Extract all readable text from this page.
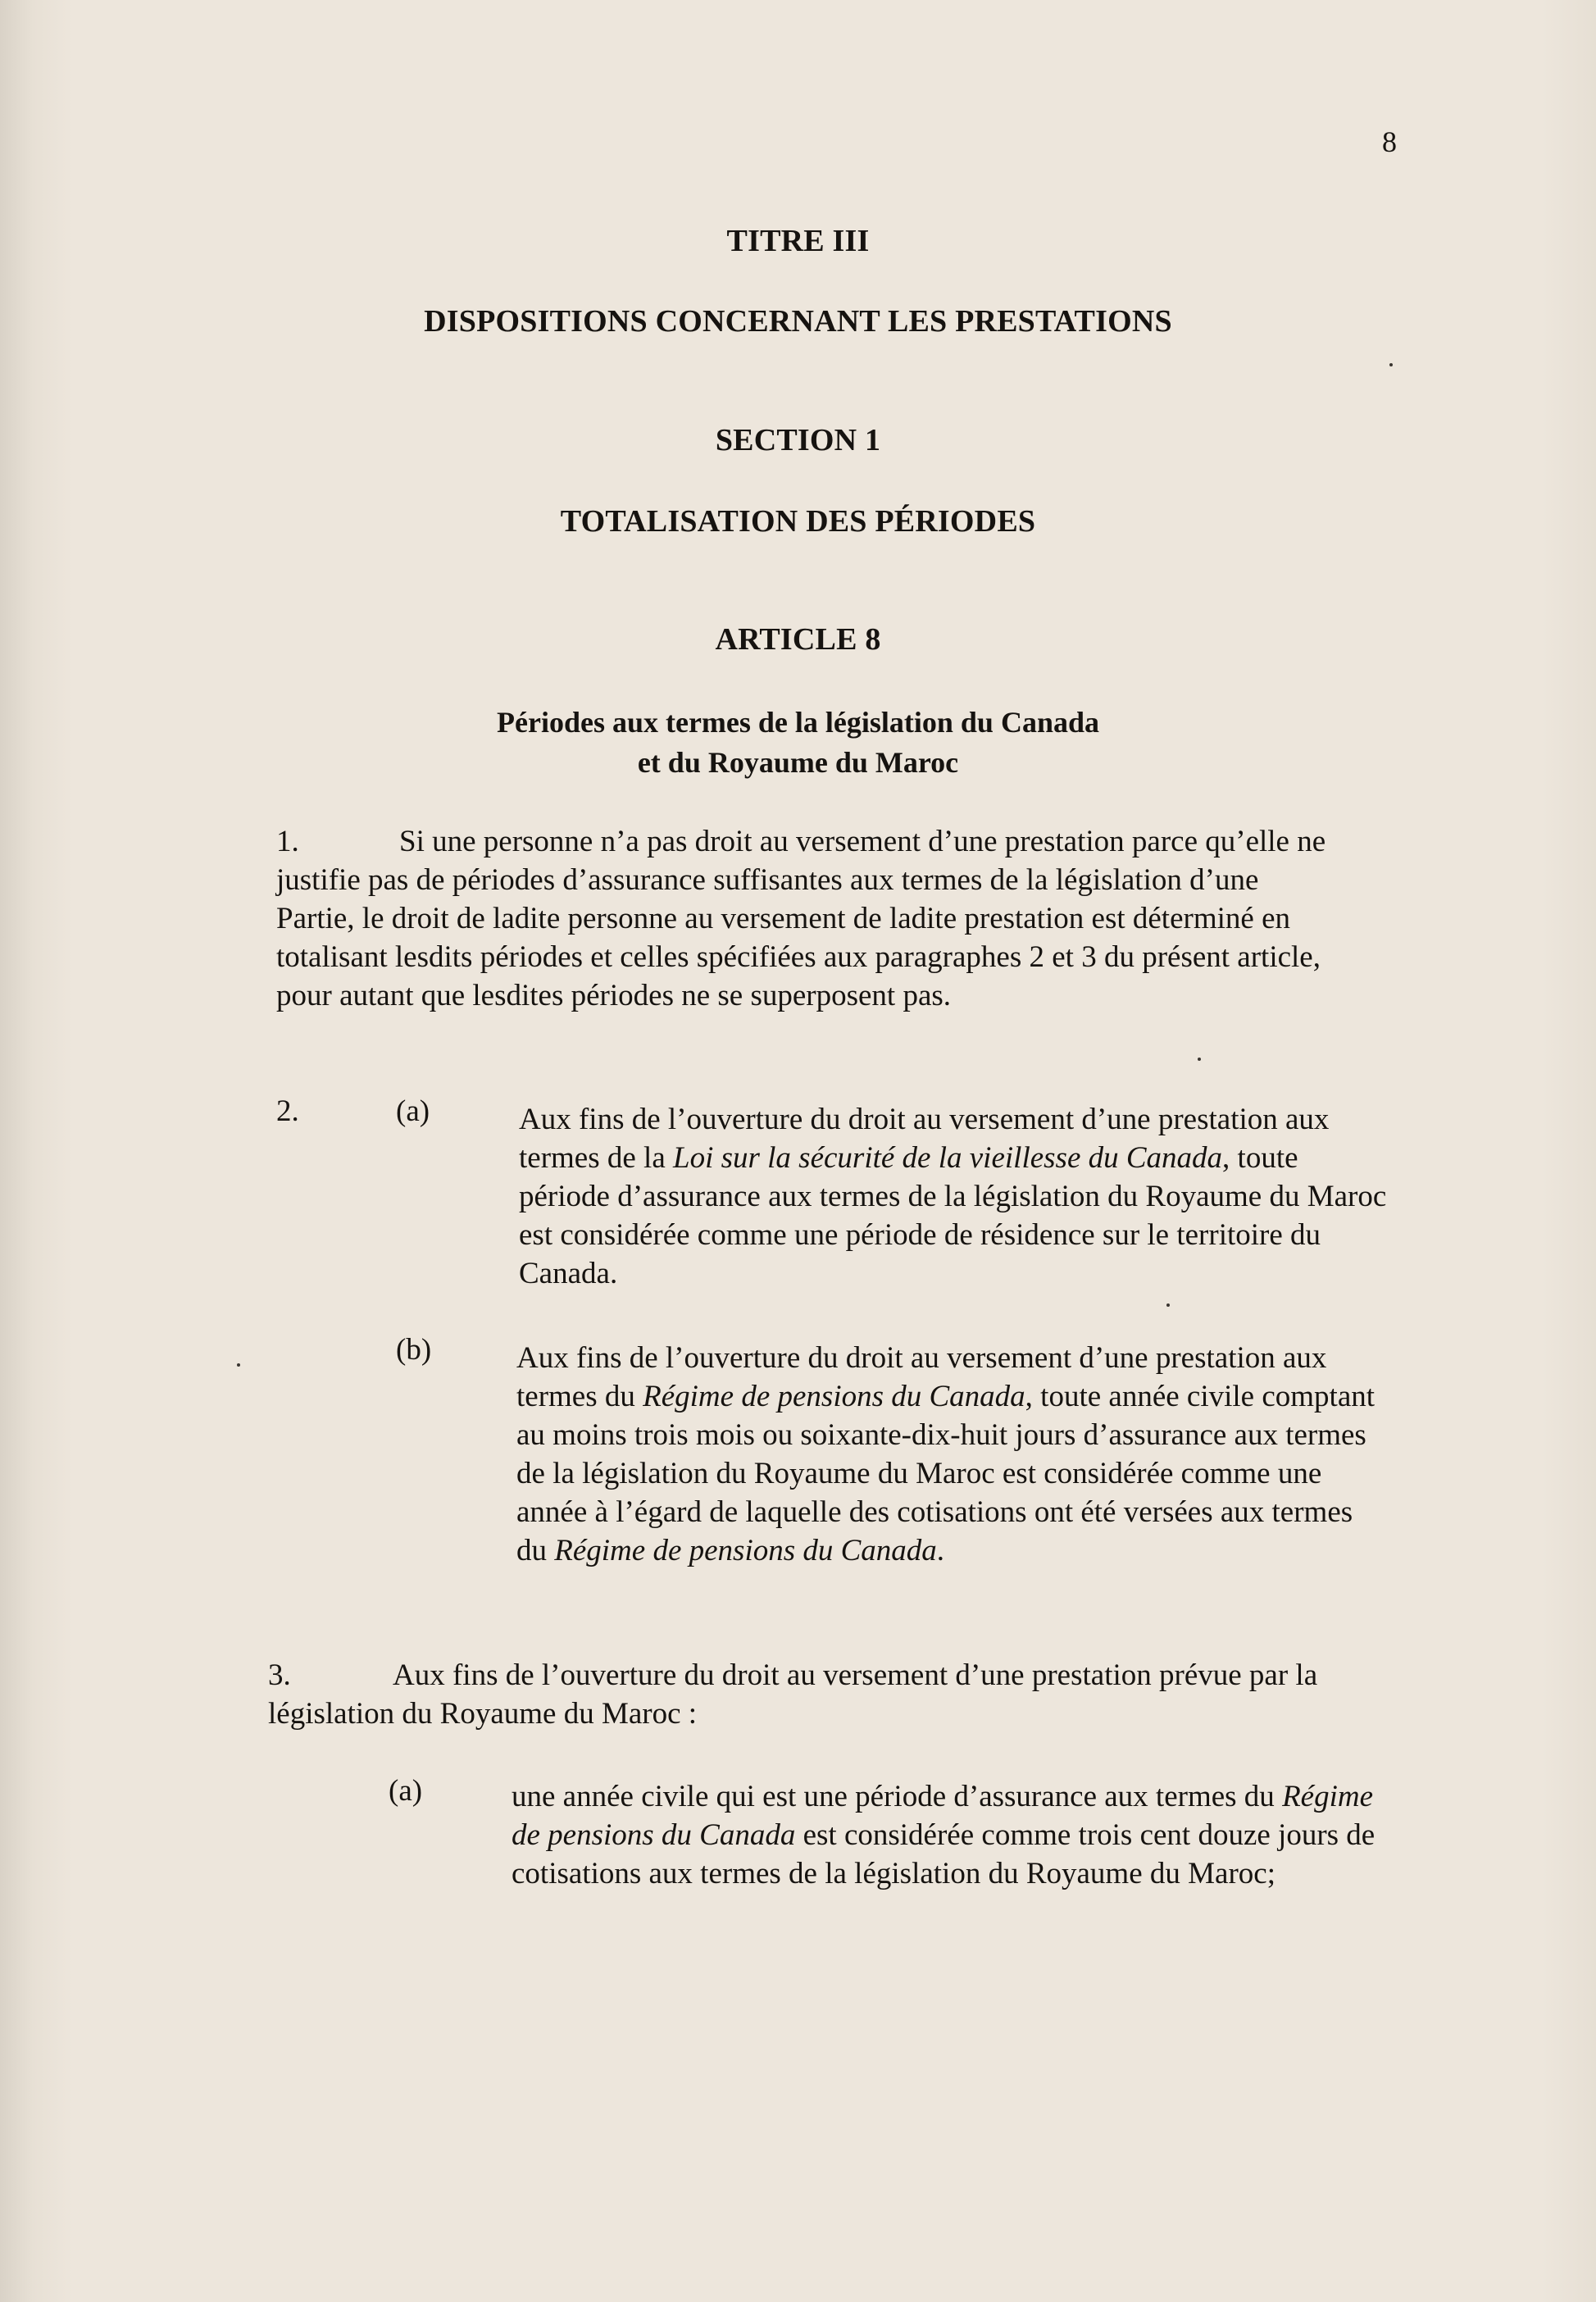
8
TITRE III
DISPOSITIONS CONCERNANT LES PRESTATIONS
SECTION 1
TOTALISATION DES PÉRIODES
ARTICLE 8
Périodes aux termes de la législation du Canada
et du Royaume du Maroc
1.	Si une personne n’a pas droit au versement d’une prestation parce qu’elle ne justifie pas de périodes d’assurance suffisantes aux termes de la législation d’une Partie, le droit de ladite personne au versement de ladite prestation est déterminé en totalisant lesdits périodes et celles spécifiées aux paragraphes 2 et 3 du présent article, pour autant que lesdites périodes ne se superposent pas.
2.	(a)	Aux fins de l’ouverture du droit au versement d’une prestation aux termes de la Loi sur la sécurité de la vieillesse du Canada, toute période d’assurance aux termes de la législation du Royaume du Maroc est considérée comme une période de résidence sur le territoire du Canada.
(b)	Aux fins de l’ouverture du droit au versement d’une prestation aux termes du Régime de pensions du Canada, toute année civile comptant au moins trois mois ou soixante-dix-huit jours d’assurance aux termes de la législation du Royaume du Maroc est considérée comme une année à l’égard de laquelle des cotisations ont été versées aux termes du Régime de pensions du Canada.
3.	Aux fins de l’ouverture du droit au versement d’une prestation prévue par la législation du Royaume du Maroc :
(a)	une année civile qui est une période d’assurance aux termes du Régime de pensions du Canada est considérée comme trois cent douze jours de cotisations aux termes de la législation du Royaume du Maroc;
